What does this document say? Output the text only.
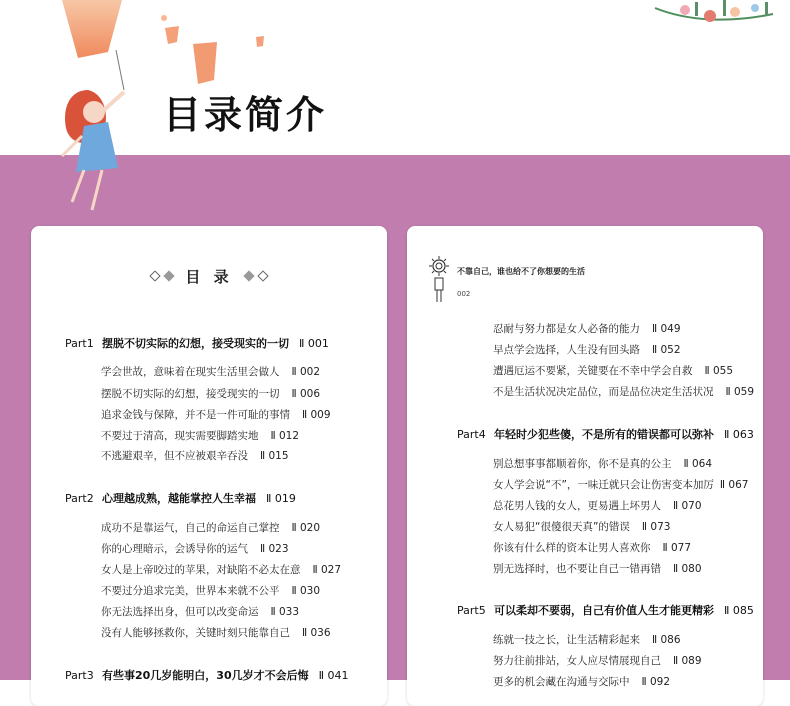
目录简介
目 录
Part1 摆脱不切实际的幻想，接受现实的一切 Ⅱ 001
学会世故，意味着在现实生活里会做人 Ⅱ 002
摆脱不切实际的幻想，接受现实的一切 Ⅱ 006
追求金钱与保障，并不是一件可耻的事情 Ⅱ 009
不要过于清高，现实需要脚踏实地 Ⅱ 012
不逃避艰辛，但不应被艰辛吞没 Ⅱ 015
Part2 心理越成熟，越能掌控人生幸福 Ⅱ 019
成功不是靠运气，自己的命运自己掌控 Ⅱ 020
你的心理暗示，会诱导你的运气 Ⅱ 023
女人是上帝咬过的苹果，对缺陷不必太在意 Ⅱ 027
不要过分追求完美，世界本来就不公平 Ⅱ 030
你无法选择出身，但可以改变命运 Ⅱ 033
没有人能够拯救你，关键时刻只能靠自己 Ⅱ 036
Part3 有些事20几岁能明白，30几岁才不会后悔 Ⅱ 041
不靠自己，谁也给不了你想要的生活
002
忍耐与努力都是女人必备的能力 Ⅱ 049
早点学会选择，人生没有回头路 Ⅱ 052
遭遇厄运不要紧，关键要在不幸中学会自救 Ⅱ 055
不是生活状况决定品位，而是品位决定生活状况 Ⅱ 059
Part4 年轻时少犯些傻，不是所有的错误都可以弥补 Ⅱ 063
别总想事事都顺着你，你不是真的公主 Ⅱ 064
女人学会说“不”，一味迁就只会让伤害变本加厉 Ⅱ 067
总花男人钱的女人，更易遇上坏男人 Ⅱ 070
女人易犯“很傻很天真”的错误 Ⅱ 073
你该有什么样的资本让男人喜欢你 Ⅱ 077
别无选择时，也不要让自己一错再错 Ⅱ 080
Part5 可以柔却不要弱，自己有价值人生才能更精彩 Ⅱ 085
练就一技之长，让生活精彩起来 Ⅱ 086
努力往前排站，女人应尽情展现自己 Ⅱ 089
更多的机会藏在沟通与交际中 Ⅱ 092
